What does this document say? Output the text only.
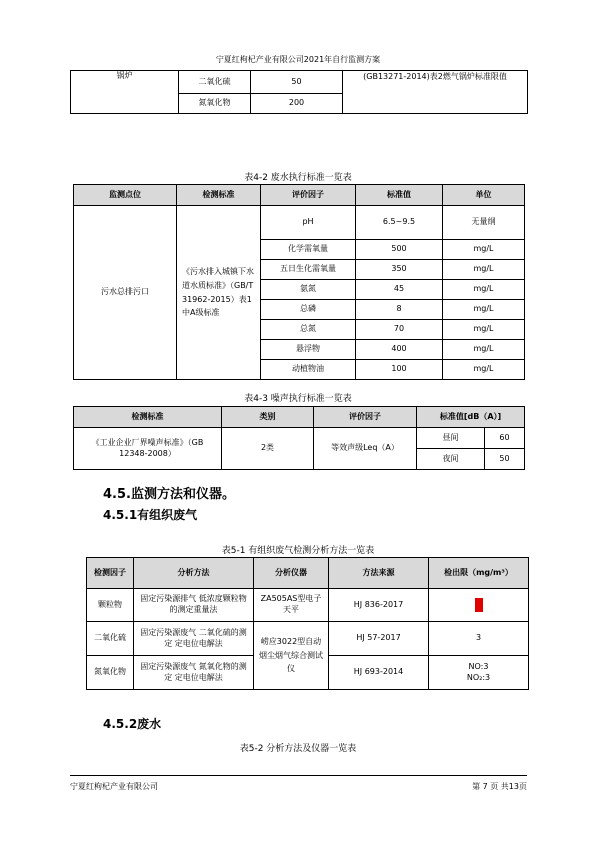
宁夏红枸杞产业有限公司2021年自行监测方案
锅炉	二氧化硫	50	(GB13271-2014)表2燃气锅炉标准限值
	氮氧化物	200	
表4-2 废水执行标准一览表
监测点位	检测标准	评价因子	标准值	单位
污水总排污口	《污水排入城镇下水道水质标准》（GB/T 31962-2015）表1中A级标准	pH	6.5~9.5	无量纲
		化学需氧量	500	mg/L
		五日生化需氧量	350	mg/L
		氨氮	45	mg/L
		总磷	8	mg/L
		总氮	70	mg/L
		悬浮物	400	mg/L
		动植物油	100	mg/L
表4-3 噪声执行标准一览表
检测标准	类别	评价因子	标准值[dB（A）]	
《工业企业厂界噪声标准》（GB 12348-2008）	2类	等效声级Leq（A）	昼间	60
			夜间	50
4.5.监测方法和仪器。
4.5.1有组织废气
表5-1 有组织废气检测分析方法一览表
检测因子	分析方法	分析仪器	方法来源	检出限（mg/m³）
颗粒物	固定污染源排气 低浓度颗粒物的测定重量法	ZA505AS型电子天平	HJ 836-2017	
二氧化硫	固定污染源废气 二氧化硫的测定 定电位电解法	崂应3022型自动烟尘烟气综合测试仪	HJ 57-2017	3
氮氧化物	固定污染源废气 氮氧化物的测定 定电位电解法		HJ 693-2014	NO:3
NO₂:3
4.5.2废水
表5-2 分析方法及仪器一览表
宁夏红枸杞产业有限公司	第 7 页 共13页
